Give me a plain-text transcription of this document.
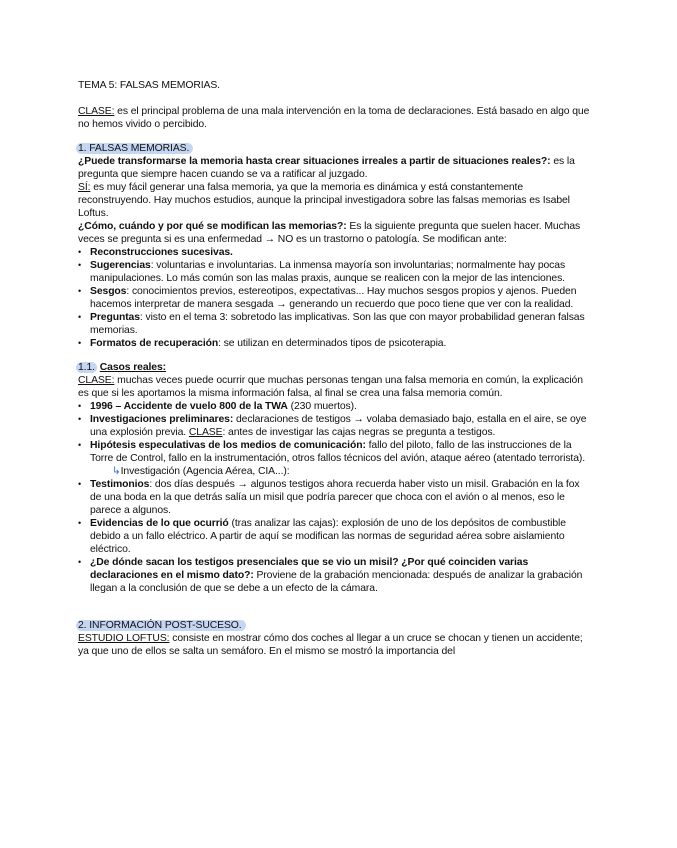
TEMA 5: FALSAS MEMORIAS.

CLASE: es el principal problema de una mala intervención en la toma de declaraciones. Está basado en algo que no hemos vivido o percibido.

1. FALSAS MEMORIAS.

¿Puede transformarse la memoria hasta crear situaciones irreales a partir de situaciones reales?: es la pregunta que siempre hacen cuando se va a ratificar al juzgado.

SÍ: es muy fácil generar una falsa memoria, ya que la memoria es dinámica y está constantemente reconstruyendo. Hay muchos estudios, aunque la principal investigadora sobre las falsas memorias es Isabel Loftus.

¿Cómo, cuándo y por qué se modifican las memorias?: Es la siguiente pregunta que suelen hacer. Muchas veces se pregunta si es una enfermedad → NO es un trastorno o patología. Se modifican ante:

• Reconstrucciones sucesivas.
• Sugerencias: voluntarias e involuntarias. La inmensa mayoría son involuntarias; normalmente hay pocas manipulaciones. Lo más común son las malas praxis, aunque se realicen con la mejor de las intenciones.
• Sesgos: conocimientos previos, estereotipos, expectativas... Hay muchos sesgos propios y ajenos. Pueden hacemos interpretar de manera sesgada → generando un recuerdo que poco tiene que ver con la realidad.
• Preguntas: visto en el tema 3: sobretodo las implicativas. Son las que con mayor probabilidad generan falsas memorias.
• Formatos de recuperación: se utilizan en determinados tipos de psicoterapia.

1.1. Casos reales:

CLASE: muchas veces puede ocurrir que muchas personas tengan una falsa memoria en común, la explicación es que si les aportamos la misma información falsa, al final se crea una falsa memoria común.

• 1996 – Accidente de vuelo 800 de la TWA (230 muertos).
• Investigaciones preliminares: declaraciones de testigos → volaba demasiado bajo, estalla en el aire, se oye una explosión previa. CLASE: antes de investigar las cajas negras se pregunta a testigos.
• Hipótesis especulativas de los medios de comunicación: fallo del piloto, fallo de las instrucciones de la Torre de Control, fallo en la instrumentación, otros fallos técnicos del avión, ataque aéreo (atentado terrorista).

↳Investigación (Agencia Aérea, CIA...):

• Testimonios: dos días después → algunos testigos ahora recuerda haber visto un misil. Grabación en la fox de una boda en la que detrás salía un misil que podría parecer que choca con el avión o al menos, eso le parece a algunos.
• Evidencias de lo que ocurrió (tras analizar las cajas): explosión de uno de los depósitos de combustible debido a un fallo eléctrico. A partir de aquí se modifican las normas de seguridad aérea sobre aislamiento eléctrico.
• ¿De dónde sacan los testigos presenciales que se vio un misil? ¿Por qué coinciden varias declaraciones en el mismo dato?: Proviene de la grabación mencionada: después de analizar la grabación llegan a la conclusión de que se debe a un efecto de la cámara.

2. INFORMACIÓN POST-SUCESO.

ESTUDIO LOFTUS: consiste en mostrar cómo dos coches al llegar a un cruce se chocan y tienen un accidente; ya que uno de ellos se salta un semáforo. En el mismo se mostró la importancia del
